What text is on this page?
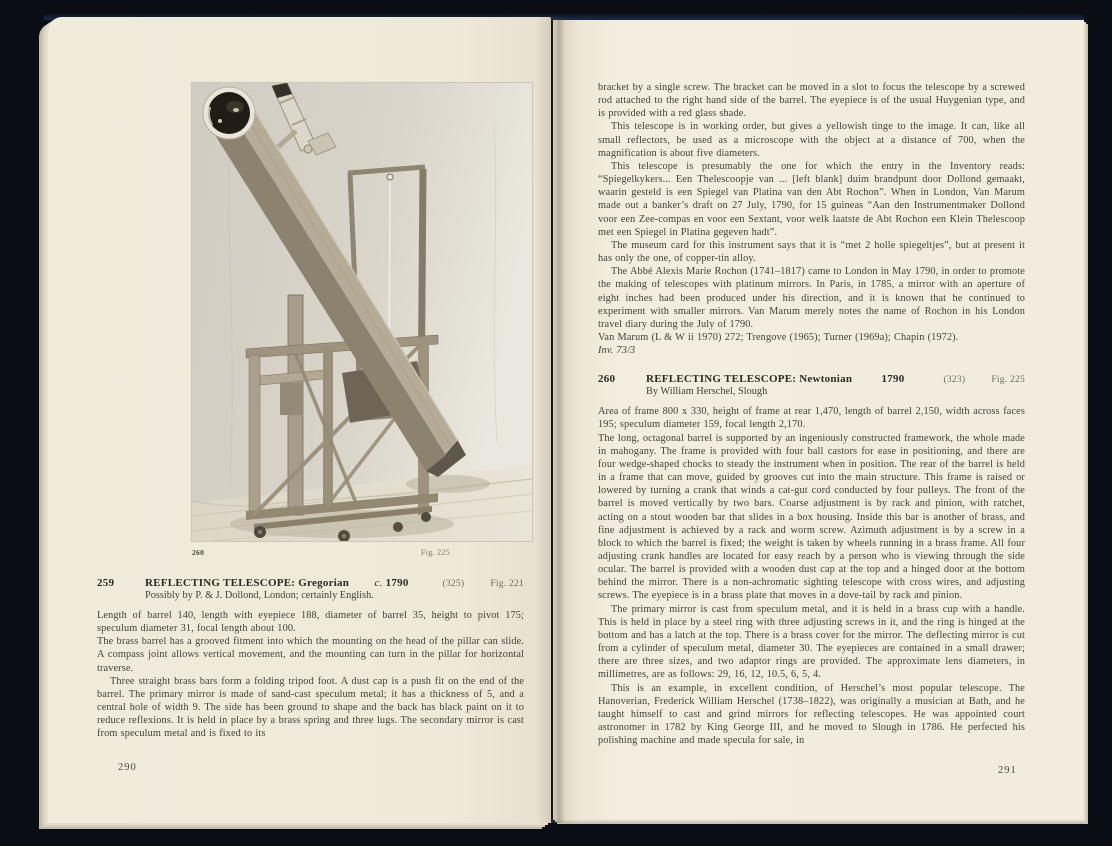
260	Fig. 225
259	REFLECTING TELESCOPE: Gregorian c. 1790	(325)	Fig. 221
Possibly by P. & J. Dollond, London; certainly English.

Length of barrel 140, length with eyepiece 188, diameter of barrel 35, height to pivot 175; speculum diameter 31, focal length about 100.

The brass barrel has a grooved fitment into which the mounting on the head of the pillar can slide. A compass joint allows vertical movement, and the mounting can turn in the pillar for horizontal traverse.

Three straight brass bars form a folding tripod foot. A dust cap is a push fit on the end of the barrel. The primary mirror is made of sand-cast speculum metal; it has a thickness of 5, and a central hole of width 9. The side has been ground to shape and the back has black paint on it to reduce reflexions. It is held in place by a brass spring and three lugs. The secondary mirror is cast from speculum metal and is fixed to its

290

bracket by a single screw. The bracket can be moved in a slot to focus the telescope by a screwed rod attached to the right hand side of the barrel. The eyepiece is of the usual Huygenian type, and is provided with a red glass shade.

This telescope is in working order, but gives a yellowish tinge to the image. It can, like all small reflectors, be used as a microscope with the object at a distance of 700, when the magnification is about five diameters.

This telescope is presumably the one for which the entry in the Inventory reads: “Spiegelkykers... Een Thelescoopje van ... [left blank] duim brandpunt door Dollond gemaakt, waarin gesteld is een Spiegel van Platina van den Abt Rochon”. When in London, Van Marum made out a banker’s draft on 27 July, 1790, for 15 guineas “Aan den Instrumentmaker Dollond voor een Zee-compas en voor een Sextant, voor welk laatste de Abt Rochon een Klein Thelescoop met een Spiegel in Platina gegeven hadt”.

The museum card for this instrument says that it is “met 2 holle spiegeltjes”, but at present it has only the one, of copper-tin alloy.

The Abbé Alexis Marie Rochon (1741–1817) came to London in May 1790, in order to promote the making of telescopes with platinum mirrors. In Paris, in 1785, a mirror with an aperture of eight inches had been produced under his direction, and it is known that he continued to experiment with smaller mirrors. Van Marum merely notes the name of Rochon in his London travel diary during the July of 1790.

Van Marum (L & W ii 1970) 272; Trengove (1965); Turner (1969a); Chapin (1972).

Inv. 73/3

260	REFLECTING TELESCOPE: Newtonian	1790	(323)	Fig. 225
By William Herschel, Slough

Area of frame 800 x 330, height of frame at rear 1,470, length of barrel 2,150, width across faces 195; speculum diameter 159, focal length 2,170.

The long, octagonal barrel is supported by an ingeniously constructed framework, the whole made in mahogany. The frame is provided with four ball castors for ease in positioning, and there are four wedge-shaped chocks to steady the instrument when in position. The rear of the barrel is held in a frame that can move, guided by grooves cut into the main structure. This frame is raised or lowered by turning a crank that winds a cat-gut cord conducted by four pulleys. The front of the barrel is moved vertically by two bars. Coarse adjustment is by rack and pinion, with ratchet, acting on a stout wooden bar that slides in a box housing. Inside this bar is another of brass, and fine adjustment is achieved by a rack and worm screw. Azimuth adjustment is by a screw in a block to which the barrel is fixed; the weight is taken by wheels running in a brass frame. All four adjusting crank handles are located for easy reach by a person who is viewing through the side ocular. The barrel is provided with a wooden dust cap at the top and a hinged door at the bottom behind the mirror. There is a non-achromatic sighting telescope with cross wires, and adjusting screws. The eyepiece is in a brass plate that moves in a dove-tail by rack and pinion.

The primary mirror is cast from speculum metal, and it is held in a brass cup with a handle. This is held in place by a steel ring with three adjusting screws in it, and the ring is hinged at the bottom and has a latch at the top. There is a brass cover for the mirror. The deflecting mirror is cut from a cylinder of speculum metal, diameter 30. The eyepieces are contained in a small drawer; there are three sizes, and two adaptor rings are provided. The approximate lens diameters, in millimetres, are as follows: 29, 16, 12, 10.5, 6, 5, 4.

This is an example, in excellent condition, of Herschel’s most popular telescope. The Hanoverian, Frederick William Herschel (1738–1822), was originally a musician at Bath, and he taught himself to cast and grind mirrors for reflecting telescopes. He was appointed court astronomer in 1782 by King George III, and he moved to Slough in 1786. He perfected his polishing machine and made specula for sale, in

291
